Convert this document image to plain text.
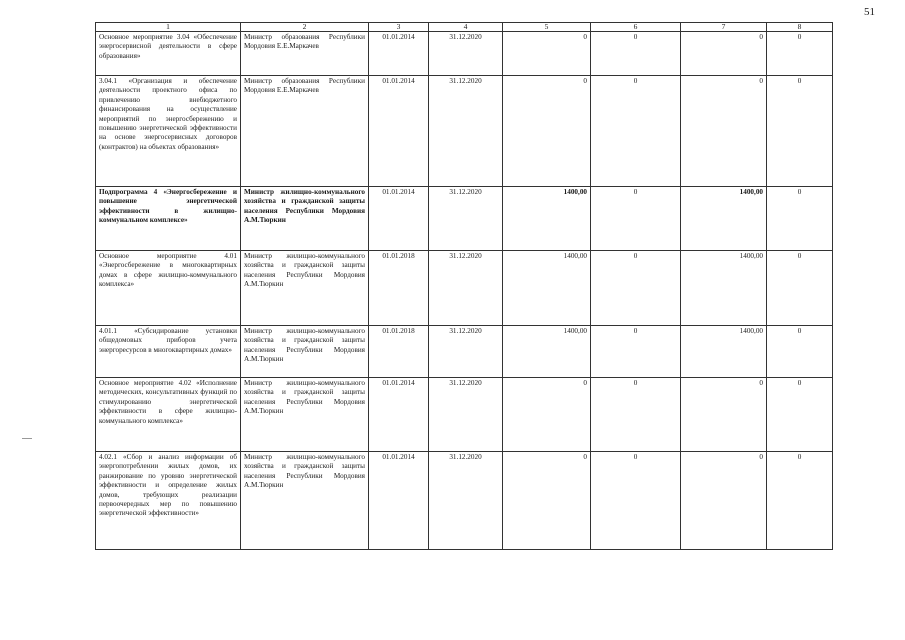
51
1	2	3	4	5	6	7	8
Основное мероприятие 3.04 «Обеспечение энергосервисной деятельности в сфере образования»	Министр образования Республики Мордовия Е.Е.Маркачев	01.01.2014	31.12.2020	0	0	0	0
3.04.1 «Организация и обеспечение деятельности проектного офиса по привлечению внебюджетного финансирования на осуществление мероприятий по энергосбережению и повышению энергетической эффективности на основе энергосервисных договоров (контрактов) на объектах образования»	Министр образования Республики Мордовия Е.Е.Маркачев	01.01.2014	31.12.2020	0	0	0	0
Подпрограмма 4 «Энергосбережение и повышение энергетической эффективности в жилищно-коммунальном комплексе»	Министр жилищно-коммунального хозяйства и гражданской защиты населения Республики Мордовия А.М.Тюркин	01.01.2014	31.12.2020	1400,00	0	1400,00	0
Основное мероприятие 4.01 «Энергосбережение в многоквартирных домах в сфере жилищно-коммунального комплекса»	Министр жилищно-коммунального хозяйства и гражданской защиты населения Республики Мордовия А.М.Тюркин	01.01.2018	31.12.2020	1400,00	0	1400,00	0
4.01.1 «Субсидирование установки общедомовых приборов учета энергоресурсов в многоквартирных домах»	Министр жилищно-коммунального хозяйства и гражданской защиты населения Республики Мордовия А.М.Тюркин	01.01.2018	31.12.2020	1400,00	0	1400,00	0
Основное мероприятие 4.02 «Исполнение методических, консультативных функций по стимулированию энергетической эффективности в сфере жилищно-коммунального комплекса»	Министр жилищно-коммунального хозяйства и гражданской защиты населения Республики Мордовия А.М.Тюркин	01.01.2014	31.12.2020	0	0	0	0
4.02.1 «Сбор и анализ информации об энергопотреблении жилых домов, их ранжирование по уровню энергетической эффективности и определение жилых домов, требующих реализации первоочередных мер по повышению энергетической эффективности»	Министр жилищно-коммунального хозяйства и гражданской защиты населения Республики Мордовия А.М.Тюркин	01.01.2014	31.12.2020	0	0	0	0
